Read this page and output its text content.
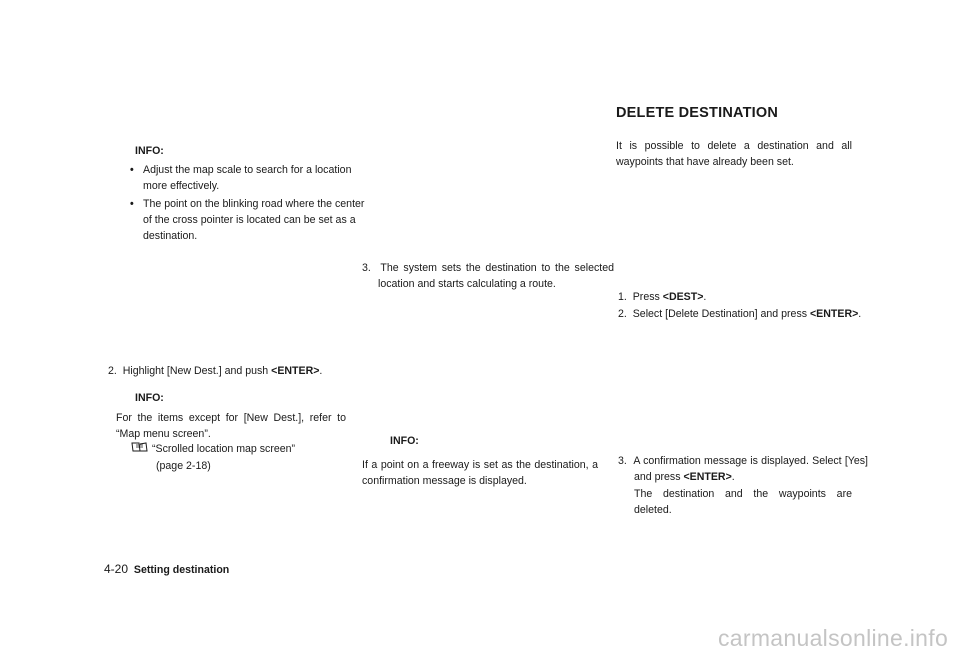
INFO:
• Adjust the map scale to search for a location more effectively.
• The point on the blinking road where the center of the cross pointer is located can be set as a destination.
2. Highlight [New Dest.] and push <ENTER>.
INFO:
For the items except for [New Dest.], refer to “Map menu screen”.
“Scrolled location map screen”
(page 2-18)
3. The system sets the destination to the selected location and starts calculating a route.
INFO:
If a point on a freeway is set as the destination, a confirmation message is displayed.
DELETE DESTINATION
It is possible to delete a destination and all waypoints that have already been set.
1. Press <DEST>.
2. Select [Delete Destination] and press <ENTER>.
3. A confirmation message is displayed. Select [Yes] and press <ENTER>.
The destination and the waypoints are deleted.
4-20 Setting destination
carmanualsonline.info
